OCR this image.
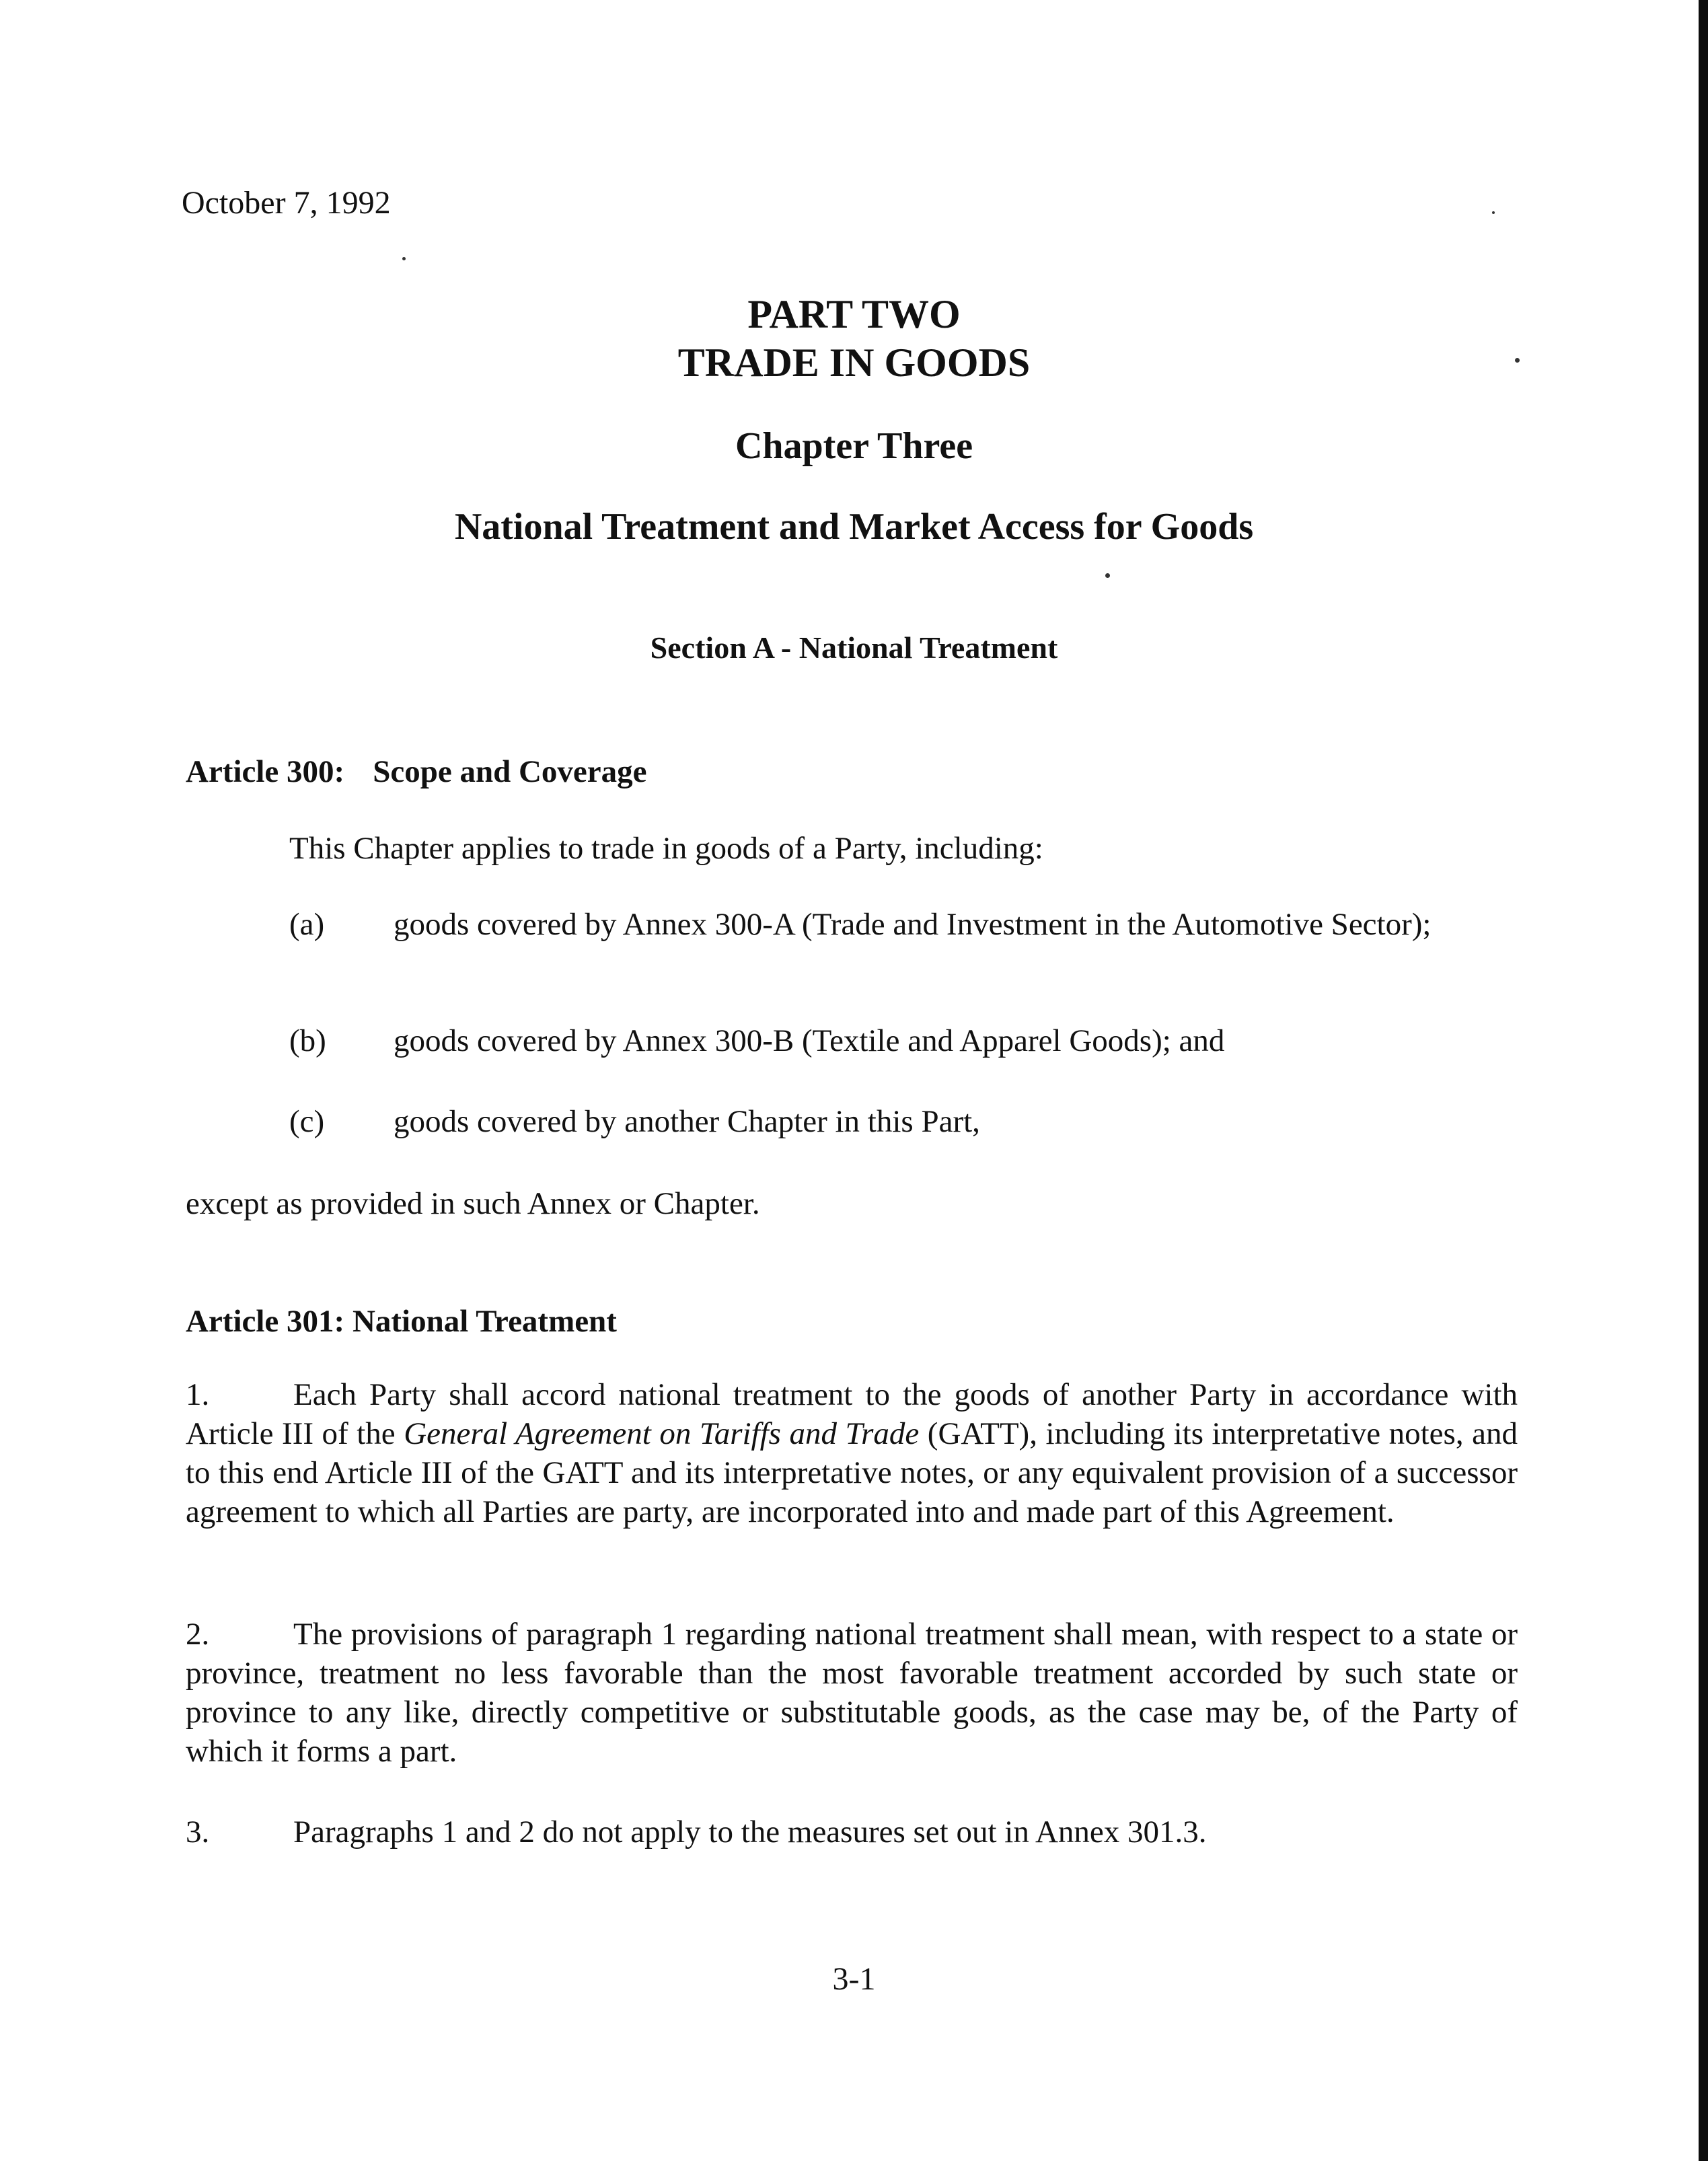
October 7, 1992
PART TWO
TRADE IN GOODS
Chapter Three
National Treatment and Market Access for Goods
Section A - National Treatment
Article 300: Scope and Coverage
This Chapter applies to trade in goods of a Party, including:
(a) goods covered by Annex 300-A (Trade and Investment in the Automotive Sector);
(b) goods covered by Annex 300-B (Textile and Apparel Goods); and
(c) goods covered by another Chapter in this Part,
except as provided in such Annex or Chapter.
Article 301: National Treatment
1.	Each Party shall accord national treatment to the goods of another Party in accordance with Article III of the General Agreement on Tariffs and Trade (GATT), including its interpretative notes, and to this end Article III of the GATT and its interpretative notes, or any equivalent provision of a successor agreement to which all Parties are party, are incorporated into and made part of this Agreement.
2.	The provisions of paragraph 1 regarding national treatment shall mean, with respect to a state or province, treatment no less favorable than the most favorable treatment accorded by such state or province to any like, directly competitive or substitutable goods, as the case may be, of the Party of which it forms a part.
3.	Paragraphs 1 and 2 do not apply to the measures set out in Annex 301.3.
3-1
